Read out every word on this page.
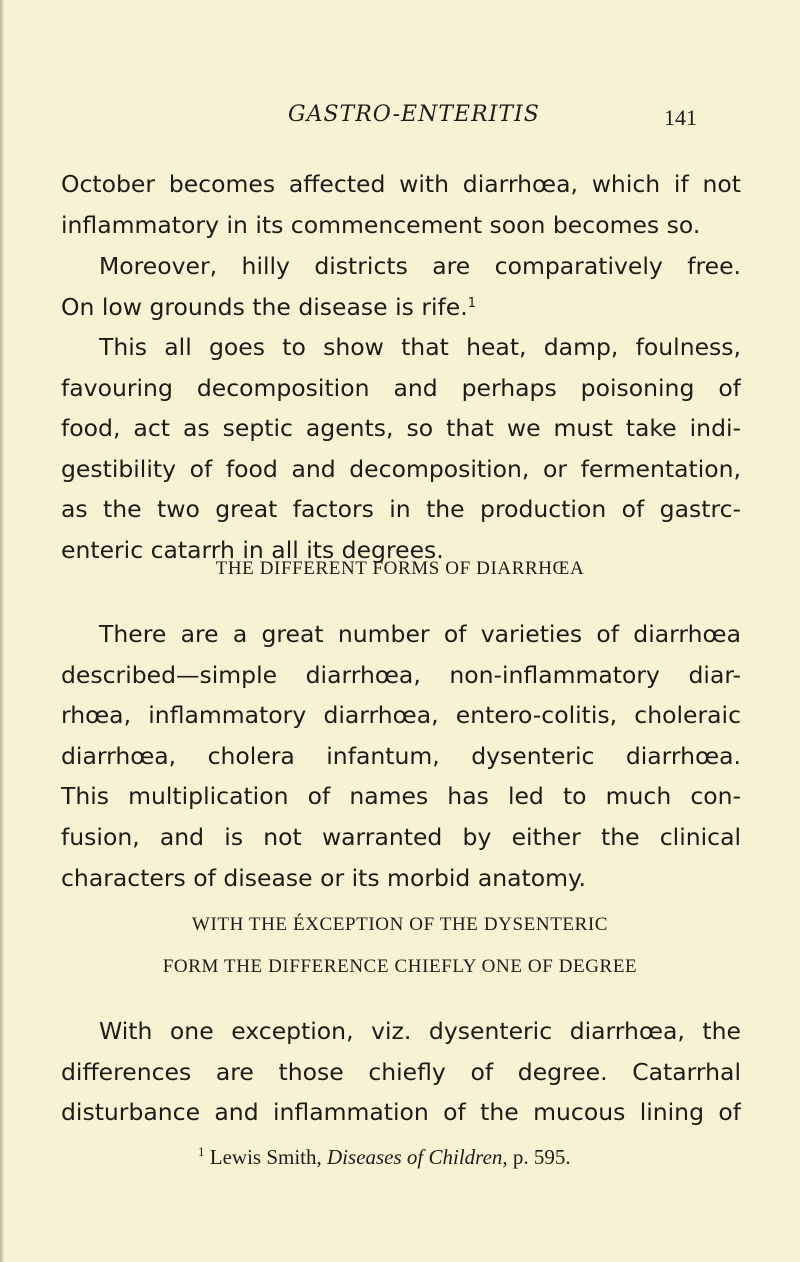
GASTRO-ENTERITIS	141
October becomes affected with diarrhœa, which if not
inflammatory in its commencement soon becomes so.
Moreover, hilly districts are comparatively free.
On low grounds the disease is rife.$^1$
This all goes to show that heat, damp, foulness,
favouring decomposition and perhaps poisoning of
food, act as septic agents, so that we must take indi-
gestibility of food and decomposition, or fermentation,
as the two great factors in the production of gastrc-
enteric catarrh in all its degrees.
THE DIFFERENT FORMS OF DIARRHŒA
There are a great number of varieties of diarrhœa
described—simple diarrhœa, non-inflammatory diar-
rhœa, inflammatory diarrhœa, entero-colitis, choleraic
diarrhœa, cholera infantum, dysenteric diarrhœa.
This multiplication of names has led to much con-
fusion, and is not warranted by either the clinical
characters of disease or its morbid anatomy.
WITH THE ÉXCEPTION OF THE DYSENTERIC
FORM THE DIFFERENCE CHIEFLY ONE OF DEGREE
With one exception, viz. dysenteric diarrhœa, the
differences are those chiefly of degree. Catarrhal
disturbance and inflammation of the mucous lining of
$^1$ Lewis Smith, Diseases of Children, p. 595.
